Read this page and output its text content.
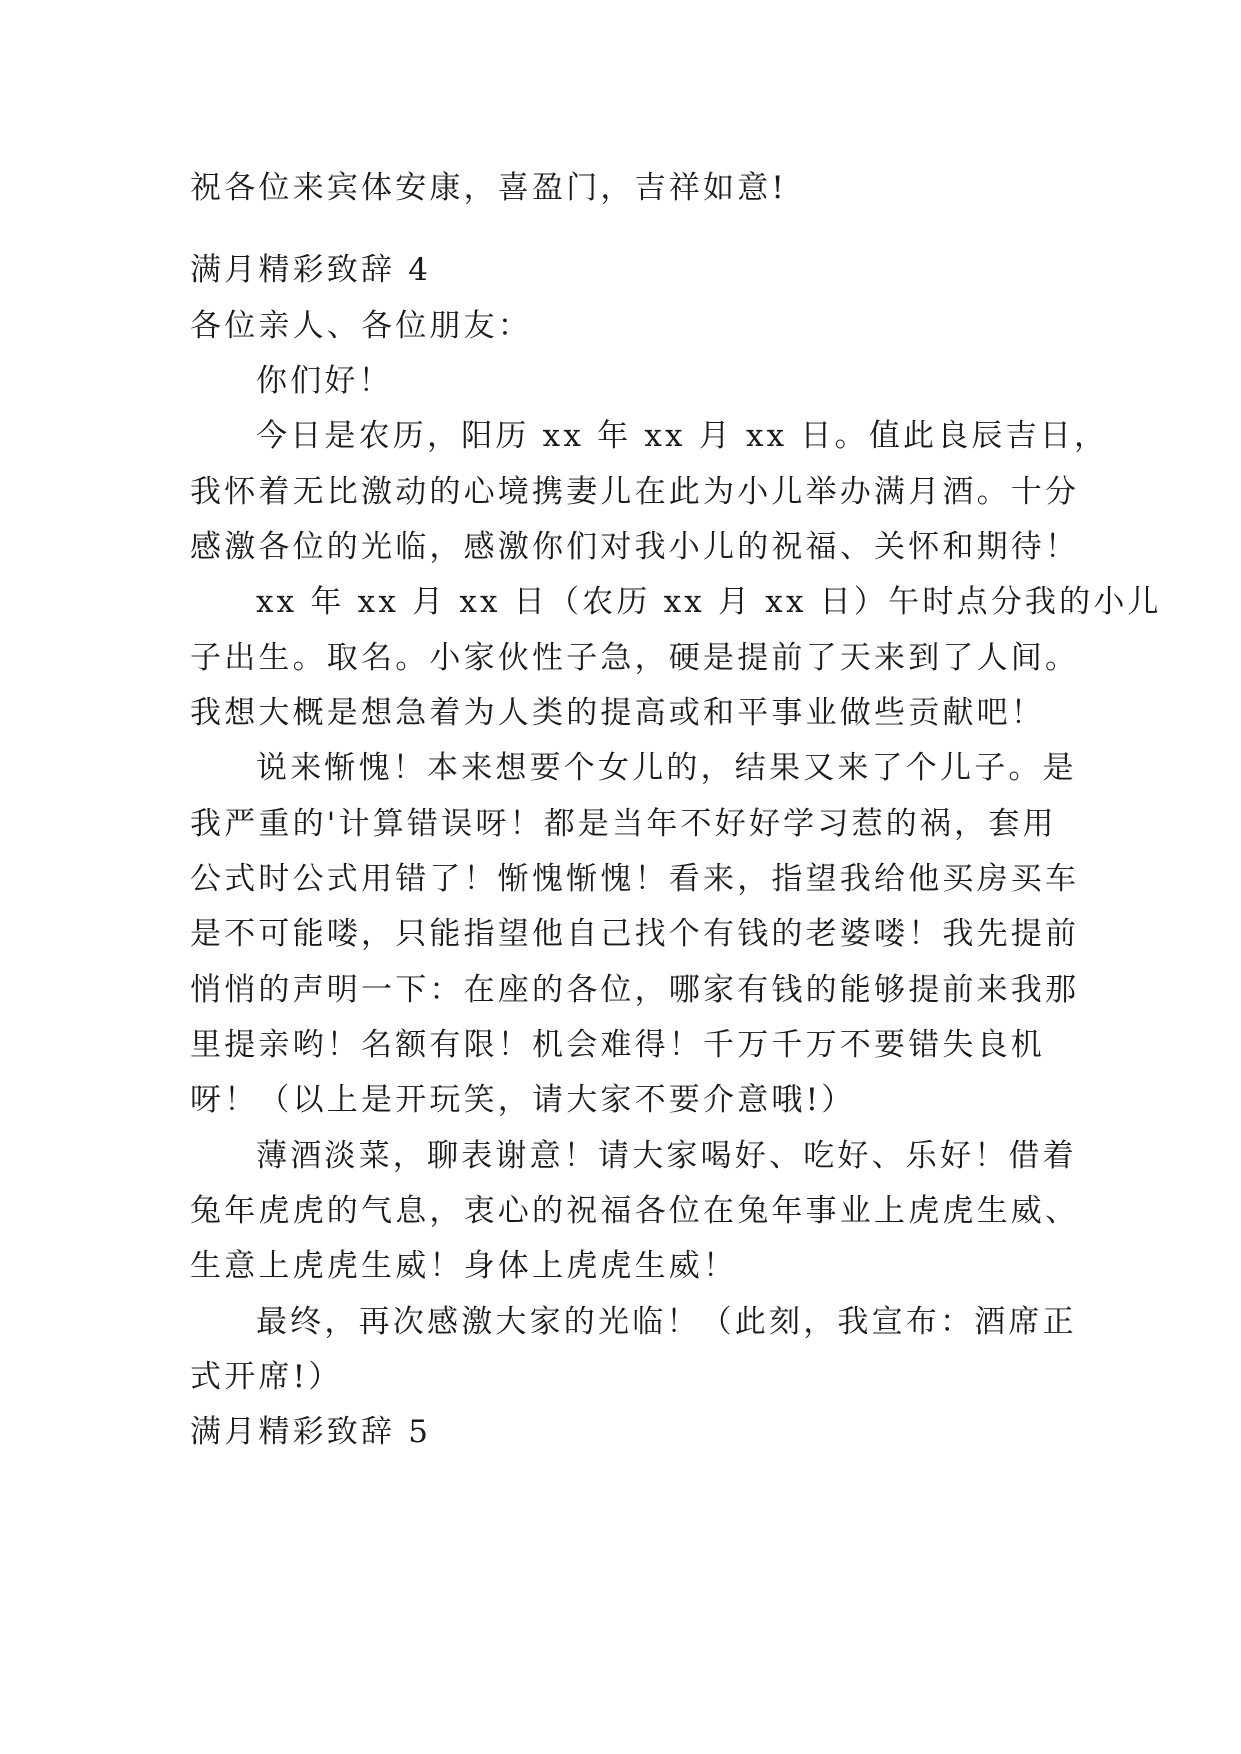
祝各位来宾体安康，喜盈门，吉祥如意!
满月精彩致辞 4
各位亲人、各位朋友：
你们好！
今日是农历，阳历 xx 年 xx 月 xx 日。值此良辰吉日，
我怀着无比激动的心境携妻儿在此为小儿举办满月酒。十分
感激各位的光临，感激你们对我小儿的祝福、关怀和期待！
xx 年 xx 月 xx 日（农历 xx 月 xx 日）午时点分我的小儿
子出生。取名。小家伙性子急，硬是提前了天来到了人间。
我想大概是想急着为人类的提高或和平事业做些贡献吧！
说来惭愧！本来想要个女儿的，结果又来了个儿子。是
我严重的'计算错误呀！都是当年不好好学习惹的祸，套用
公式时公式用错了！惭愧惭愧！看来，指望我给他买房买车
是不可能喽，只能指望他自己找个有钱的老婆喽！我先提前
悄悄的声明一下：在座的各位，哪家有钱的能够提前来我那
里提亲哟！名额有限！机会难得！千万千万不要错失良机
呀！（以上是开玩笑，请大家不要介意哦!）
薄酒淡菜，聊表谢意！请大家喝好、吃好、乐好！借着
兔年虎虎的气息，衷心的祝福各位在兔年事业上虎虎生威、
生意上虎虎生威！身体上虎虎生威！
最终，再次感激大家的光临！（此刻，我宣布：酒席正
式开席!）
满月精彩致辞 5
